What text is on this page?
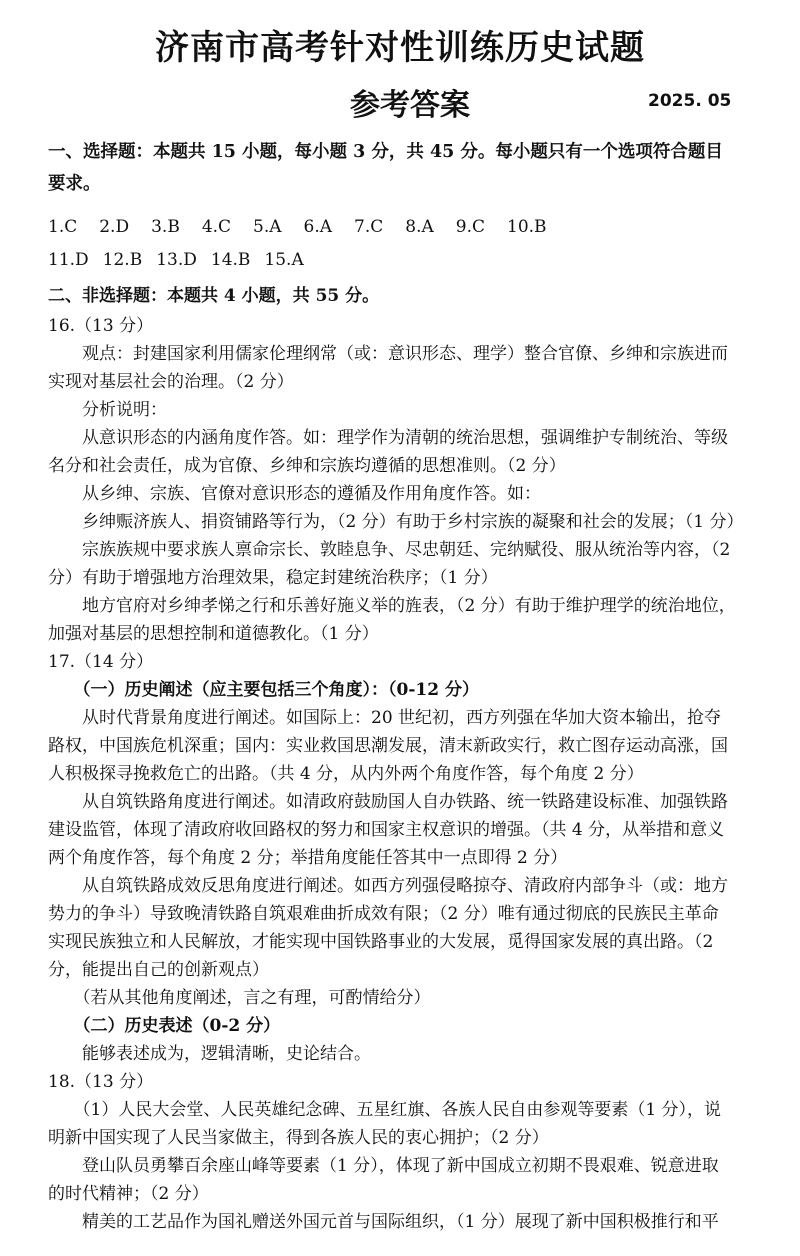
济南市高考针对性训练历史试题
参考答案	2025. 05
一、选择题：本题共 15 小题，每小题 3 分，共 45 分。每小题只有一个选项符合题目
要求。
1.C 2.D 3.B 4.C 5.A 6.A 7.C 8.A 9.C 10.B
11.D 12.B 13.D 14.B 15.A
二、非选择题：本题共 4 小题，共 55 分。
16.（13 分）
　　观点：封建国家利用儒家伦理纲常（或：意识形态、理学）整合官僚、乡绅和宗族进而
实现对基层社会的治理。（2 分）
　　分析说明：
　　从意识形态的内涵角度作答。如：理学作为清朝的统治思想，强调维护专制统治、等级
名分和社会责任，成为官僚、乡绅和宗族均遵循的思想准则。（2 分）
　　从乡绅、宗族、官僚对意识形态的遵循及作用角度作答。如：
　　乡绅赈济族人、捐资铺路等行为，（2 分）有助于乡村宗族的凝聚和社会的发展；（1 分）
　　宗族族规中要求族人禀命宗长、敦睦息争、尽忠朝廷、完纳赋役、服从统治等内容，（2
分）有助于增强地方治理效果，稳定封建统治秩序；（1 分）
　　地方官府对乡绅孝悌之行和乐善好施义举的旌表，（2 分）有助于维护理学的统治地位，
加强对基层的思想控制和道德教化。（1 分）
17.（14 分）
　　（一）历史阐述（应主要包括三个角度）：（0-12 分）
　　从时代背景角度进行阐述。如国际上：20 世纪初，西方列强在华加大资本输出，抢夺
路权，中国族危机深重；国内：实业救国思潮发展，清末新政实行，救亡图存运动高涨，国
人积极探寻挽救危亡的出路。（共 4 分，从内外两个角度作答，每个角度 2 分）
　　从自筑铁路角度进行阐述。如清政府鼓励国人自办铁路、统一铁路建设标准、加强铁路
建设监管，体现了清政府收回路权的努力和国家主权意识的增强。（共 4 分，从举措和意义
两个角度作答，每个角度 2 分；举措角度能任答其中一点即得 2 分）
　　从自筑铁路成效反思角度进行阐述。如西方列强侵略掠夺、清政府内部争斗（或：地方
势力的争斗）导致晚清铁路自筑艰难曲折成效有限；（2 分）唯有通过彻底的民族民主革命
实现民族独立和人民解放，才能实现中国铁路事业的大发展，觅得国家发展的真出路。（2
分，能提出自己的创新观点）
　　（若从其他角度阐述，言之有理，可酌情给分）
　　（二）历史表述（0-2 分）
　　能够表述成为，逻辑清晰，史论结合。
18.（13 分）
　　（1）人民大会堂、人民英雄纪念碑、五星红旗、各族人民自由参观等要素（1 分），说
明新中国实现了人民当家做主，得到各族人民的衷心拥护；（2 分）
　　登山队员勇攀百余座山峰等要素（1 分），体现了新中国成立初期不畏艰难、锐意进取
的时代精神；（2 分）
　　精美的工艺品作为国礼赠送外国元首与国际组织，（1 分）展现了新中国积极推行和平
